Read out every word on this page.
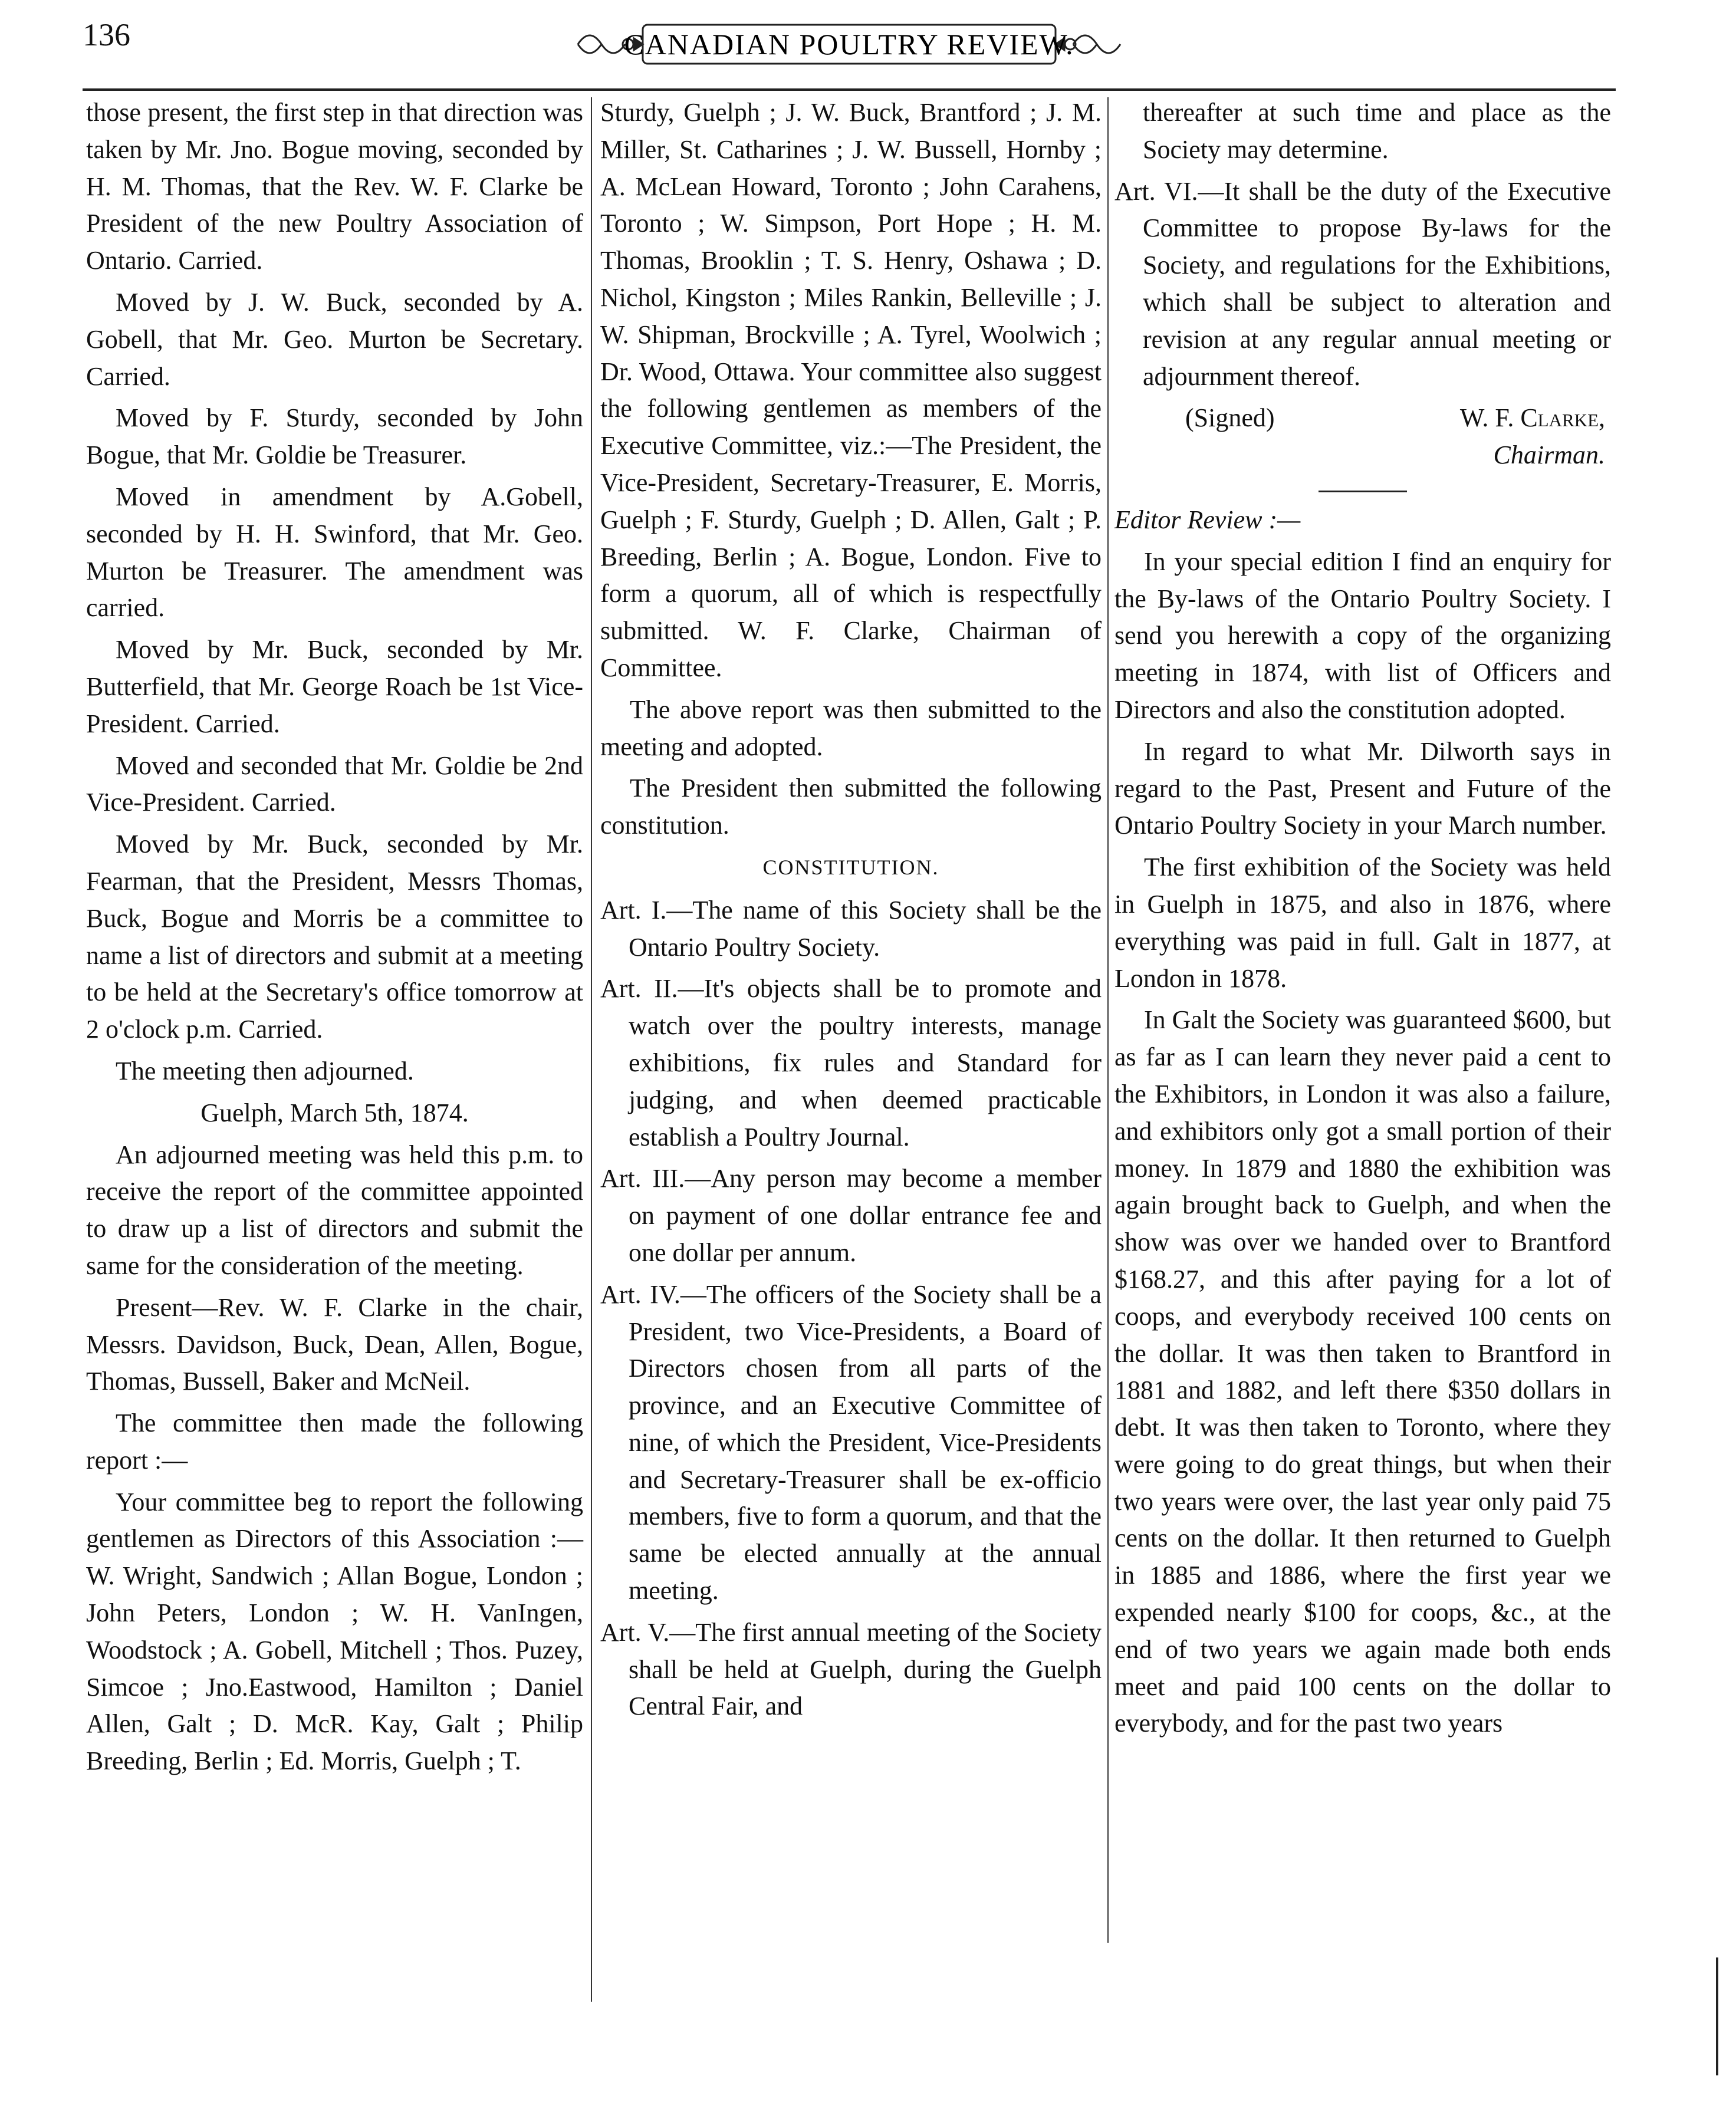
136	CANADIAN POULTRY REVIEW.

those present, the first step in that direction was taken by Mr. Jno. Bogue moving, seconded by H. M. Thomas, that the Rev. W. F. Clarke be President of the new Poultry Association of Ontario. Carried.

Moved by J. W. Buck, seconded by A. Gobell, that Mr. Geo. Murton be Secretary. Carried.

Moved by F. Sturdy, seconded by John Bogue, that Mr. Goldie be Treasurer.

Moved in amendment by A.Gobell, seconded by H. H. Swinford, that Mr. Geo. Murton be Treasurer. The amendment was carried.

Moved by Mr. Buck, seconded by Mr. Butterfield, that Mr. George Roach be 1st Vice-President. Carried.

Moved and seconded that Mr. Goldie be 2nd Vice-President. Carried.

Moved by Mr. Buck, seconded by Mr. Fearman, that the President, Messrs Thomas, Buck, Bogue and Morris be a committee to name a list of directors and submit at a meeting to be held at the Secretary's office tomorrow at 2 o'clock p.m. Carried.

The meeting then adjourned.

Guelph, March 5th, 1874.

An adjourned meeting was held this p.m. to receive the report of the committee appointed to draw up a list of directors and submit the same for the consideration of the meeting.

Present—Rev. W. F. Clarke in the chair, Messrs. Davidson, Buck, Dean, Allen, Bogue, Thomas, Bussell, Baker and McNeil.

The committee then made the following report :—

Your committee beg to report the following gentlemen as Directors of this Association :—W. Wright, Sandwich ; Allan Bogue, London ; John Peters, London ; W. H. VanIngen, Woodstock ; A. Gobell, Mitchell ; Thos. Puzey, Simcoe ; Jno.Eastwood, Hamilton ; Daniel Allen, Galt ; D. McR. Kay, Galt ; Philip Breeding, Berlin ; Ed. Morris, Guelph ; T.

Sturdy, Guelph ; J. W. Buck, Brantford ; J. M. Miller, St. Catharines ; J. W. Bussell, Hornby ; A. McLean Howard, Toronto ; John Carahens, Toronto ; W. Simpson, Port Hope ; H. M. Thomas, Brooklin ; T. S. Henry, Oshawa ; D. Nichol, Kingston ; Miles Rankin, Belleville ; J. W. Shipman, Brockville ; A. Tyrel, Woolwich ; Dr. Wood, Ottawa. Your committee also suggest the following gentlemen as members of the Executive Committee, viz.:—The President, the Vice-President, Secretary-Treasurer, E. Morris, Guelph ; F. Sturdy, Guelph ; D. Allen, Galt ; P. Breeding, Berlin ; A. Bogue, London. Five to form a quorum, all of which is respectfully submitted. W. F. Clarke, Chairman of Committee.

The above report was then submitted to the meeting and adopted.

The President then submitted the following constitution.

CONSTITUTION.

Art. I.—The name of this Society shall be the Ontario Poultry Society.

Art. II.—It's objects shall be to promote and watch over the poultry interests, manage exhibitions, fix rules and Standard for judging, and when deemed practicable establish a Poultry Journal.

Art. III.—Any person may become a member on payment of one dollar entrance fee and one dollar per annum.

Art. IV.—The officers of the Society shall be a President, two Vice-Presidents, a Board of Directors chosen from all parts of the province, and an Executive Committee of nine, of which the President, Vice-Presidents and Secretary-Treasurer shall be ex-officio members, five to form a quorum, and that the same be elected annually at the annual meeting.

Art. V.—The first annual meeting of the Society shall be held at Guelph, during the Guelph Central Fair, and

thereafter at such time and place as the Society may determine.

Art. VI.—It shall be the duty of the Executive Committee to propose By-laws for the Society, and regulations for the Exhibitions, which shall be subject to alteration and revision at any regular annual meeting or adjournment thereof.

(Signed)	W. F. Clarke,
Chairman.

Editor Review :—

In your special edition I find an enquiry for the By-laws of the Ontario Poultry Society. I send you herewith a copy of the organizing meeting in 1874, with list of Officers and Directors and also the constitution adopted.

In regard to what Mr. Dilworth says in regard to the Past, Present and Future of the Ontario Poultry Society in your March number.

The first exhibition of the Society was held in Guelph in 1875, and also in 1876, where everything was paid in full. Galt in 1877, at London in 1878.

In Galt the Society was guaranteed $600, but as far as I can learn they never paid a cent to the Exhibitors, in London it was also a failure, and exhibitors only got a small portion of their money. In 1879 and 1880 the exhibition was again brought back to Guelph, and when the show was over we handed over to Brantford $168.27, and this after paying for a lot of coops, and everybody received 100 cents on the dollar. It was then taken to Brantford in 1881 and 1882, and left there $350 dollars in debt. It was then taken to Toronto, where they were going to do great things, but when their two years were over, the last year only paid 75 cents on the dollar. It then returned to Guelph in 1885 and 1886, where the first year we expended nearly $100 for coops, &c., at the end of two years we again made both ends meet and paid 100 cents on the dollar to everybody, and for the past two years
